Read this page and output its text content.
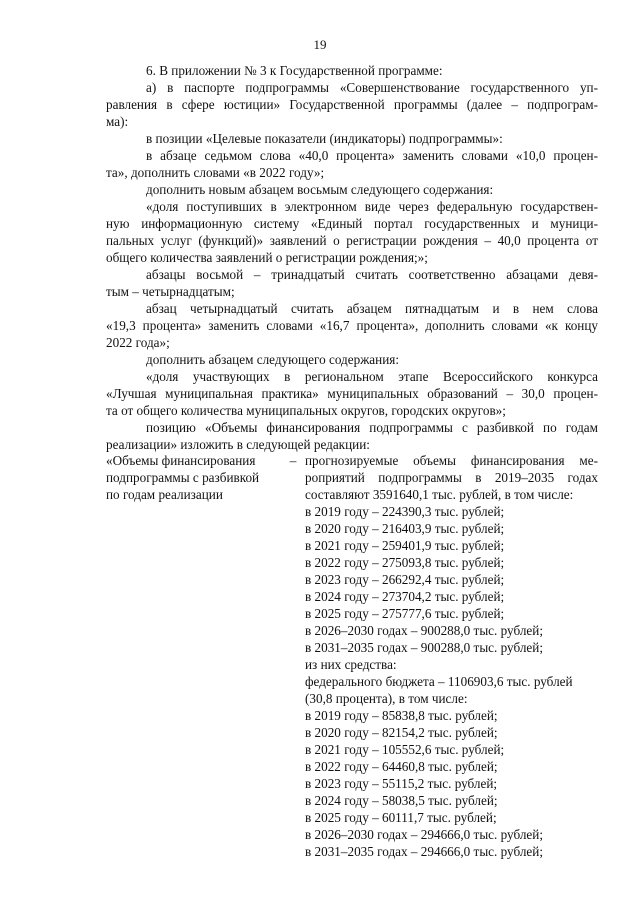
19
6. В приложении № 3 к Государственной программе:
а) в паспорте подпрограммы «Совершенствование государственного уп-
равления в сфере юстиции» Государственной программы (далее – подпрограм-
ма):
в позиции «Целевые показатели (индикаторы) подпрограммы»:
в абзаце седьмом слова «40,0 процента» заменить словами «10,0 процен-
та», дополнить словами «в 2022 году»;
дополнить новым абзацем восьмым следующего содержания:
«доля поступивших в электронном виде через федеральную государствен-
ную информационную систему «Единый портал государственных и муници-
пальных услуг (функций)» заявлений о регистрации рождения – 40,0 процента от
общего количества заявлений о регистрации рождения;»;
абзацы восьмой – тринадцатый считать соответственно абзацами девя-
тым – четырнадцатым;
абзац четырнадцатый считать абзацем пятнадцатым и в нем слова
«19,3 процента» заменить словами «16,7 процента», дополнить словами «к концу
2022 года»;
дополнить абзацем следующего содержания:
«доля участвующих в региональном этапе Всероссийского конкурса
«Лучшая муниципальная практика» муниципальных образований – 30,0 процен-
та от общего количества муниципальных округов, городских округов»;
позицию «Объемы финансирования подпрограммы с разбивкой по годам
реализации» изложить в следующей редакции:
«Объемы финансирования
подпрограммы с разбивкой
по годам реализации
– прогнозируемые объемы финансирования ме-
роприятий подпрограммы в 2019–2035 годах
составляют 3591640,1 тыс. рублей, в том числе:
в 2019 году – 224390,3 тыс. рублей;
в 2020 году – 216403,9 тыс. рублей;
в 2021 году – 259401,9 тыс. рублей;
в 2022 году – 275093,8 тыс. рублей;
в 2023 году – 266292,4 тыс. рублей;
в 2024 году – 273704,2 тыс. рублей;
в 2025 году – 275777,6 тыс. рублей;
в 2026–2030 годах – 900288,0 тыс. рублей;
в 2031–2035 годах – 900288,0 тыс. рублей;
из них средства:
федерального бюджета – 1106903,6 тыс. рублей
(30,8 процента), в том числе:
в 2019 году – 85838,8 тыс. рублей;
в 2020 году – 82154,2 тыс. рублей;
в 2021 году – 105552,6 тыс. рублей;
в 2022 году – 64460,8 тыс. рублей;
в 2023 году – 55115,2 тыс. рублей;
в 2024 году – 58038,5 тыс. рублей;
в 2025 году – 60111,7 тыс. рублей;
в 2026–2030 годах – 294666,0 тыс. рублей;
в 2031–2035 годах – 294666,0 тыс. рублей;
